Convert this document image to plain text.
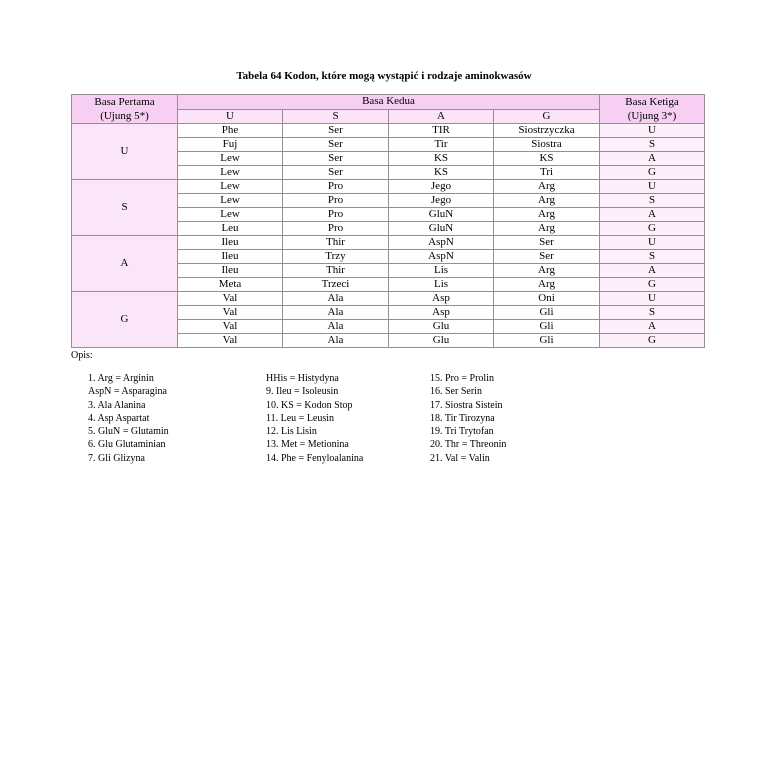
Tabela 64 Kodon, które mogą wystąpić i rodzaje aminokwasów
Basa Pertama
(Ujung 5*)	Basa Kedua				Basa Ketiga
(Ujung 3*)
	U	S	A	G	
U	Phe	Ser	TIR	Siostrzyczka	U
	Fuj	Ser	Tir	Siostra	S
	Lew	Ser	KS	KS	A
	Lew	Ser	KS	Tri	G
S	Lew	Pro	Jego	Arg	U
	Lew	Pro	Jego	Arg	S
	Lew	Pro	GluN	Arg	A
	Leu	Pro	GluN	Arg	G
A	Ileu	Thir	AspN	Ser	U
	Ileu	Trzy	AspN	Ser	S
	Ileu	Thir	Lis	Arg	A
	Meta	Trzeci	Lis	Arg	G
G	Val	Ala	Asp	Oni	U
	Val	Ala	Asp	Gli	S
	Val	Ala	Glu	Gli	A
	Val	Ala	Glu	Gli	G
Opis:
1. Arg = Arginin
AspN = Asparagina
3. Ala Alanina
4. Asp Aspartat
5. GluN = Glutamin
6. Glu Glutaminian
7. Gli Glizyna
HHis = Histydyna
9. Ileu = Isoleusin
10. KS = Kodon Stop
11. Leu = Leusin
12. Lis Lisin
13. Met = Metionina
14. Phe = Fenyloalanina
15. Pro = Prolin
16. Ser Serin
17. Siostra Sistein
18. Tir Tirozyna
19. Tri Trytofan
20. Thr = Threonin
21. Val = Valin
